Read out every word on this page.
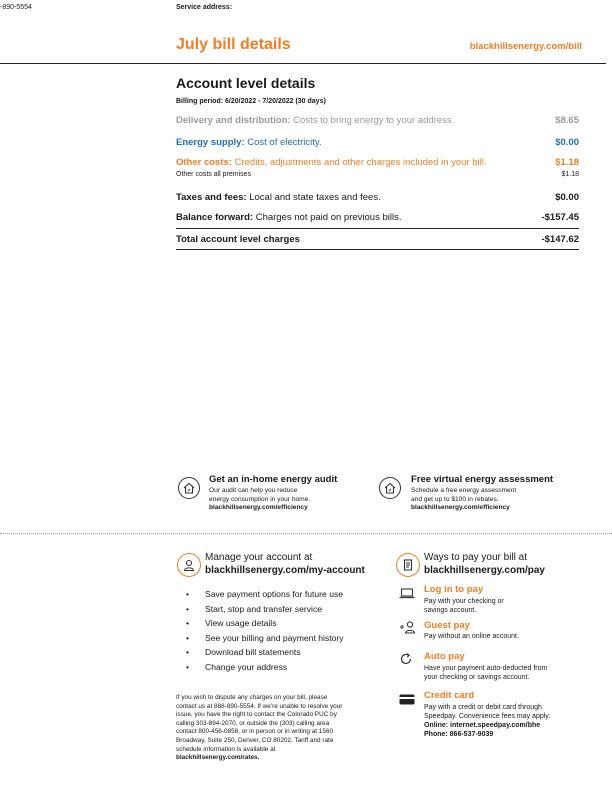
-890-5554	Service address:
July bill details	blackhillsenergy.com/bill
Account level details
Billing period: 6/20/2022 - 7/20/2022 (30 days)
Delivery and distribution: Costs to bring energy to your address.	$8.65
Energy supply: Cost of electricity.	$0.00
Other costs: Credits, adjustments and other charges included in your bill.	$1.18
Other costs all premises	$1.18
Taxes and fees: Local and state taxes and fees.	$0.00
Balance forward: Charges not paid on previous bills.	-$157.45
Total account level charges	-$147.62
Get an in-home energy audit
Our audit can help you reduce
energy consumption in your home.
blackhillsenergy.com/efficiency
Free virtual energy assessment
Schedule a free energy assessment
and get up to $100 in rebates.
blackhillsenergy.com/efficiency
Manage your account at
blackhillsenergy.com/my-account
• Save payment options for future use
• Start, stop and transfer service
• View usage details
• See your billing and payment history
• Download bill statements
• Change your address
If you wish to dispute any charges on your bill, please
contact us at 888-890-5554. If we're unable to resolve your
issue, you have the right to contact the Colorado PUC by
calling 303-894-2070, or outside the (303) calling area
contact 800-456-0858, or in person or in writing at 1560
Broadway, Suite 250, Denver, CO 80202. Tariff and rate
schedule information is available at
blackhillsenergy.com/rates.
Ways to pay your bill at
blackhillsenergy.com/pay
Log in to pay
Pay with your checking or
savings account.
Guest pay
Pay without an online account.
Auto pay
Have your payment auto-deducted from
your checking or savings account.
Credit card
Pay with a credit or debit card through
Speedpay. Convenience fees may apply.
Online: internet.speedpay.com/bhe
Phone: 866-537-9039
